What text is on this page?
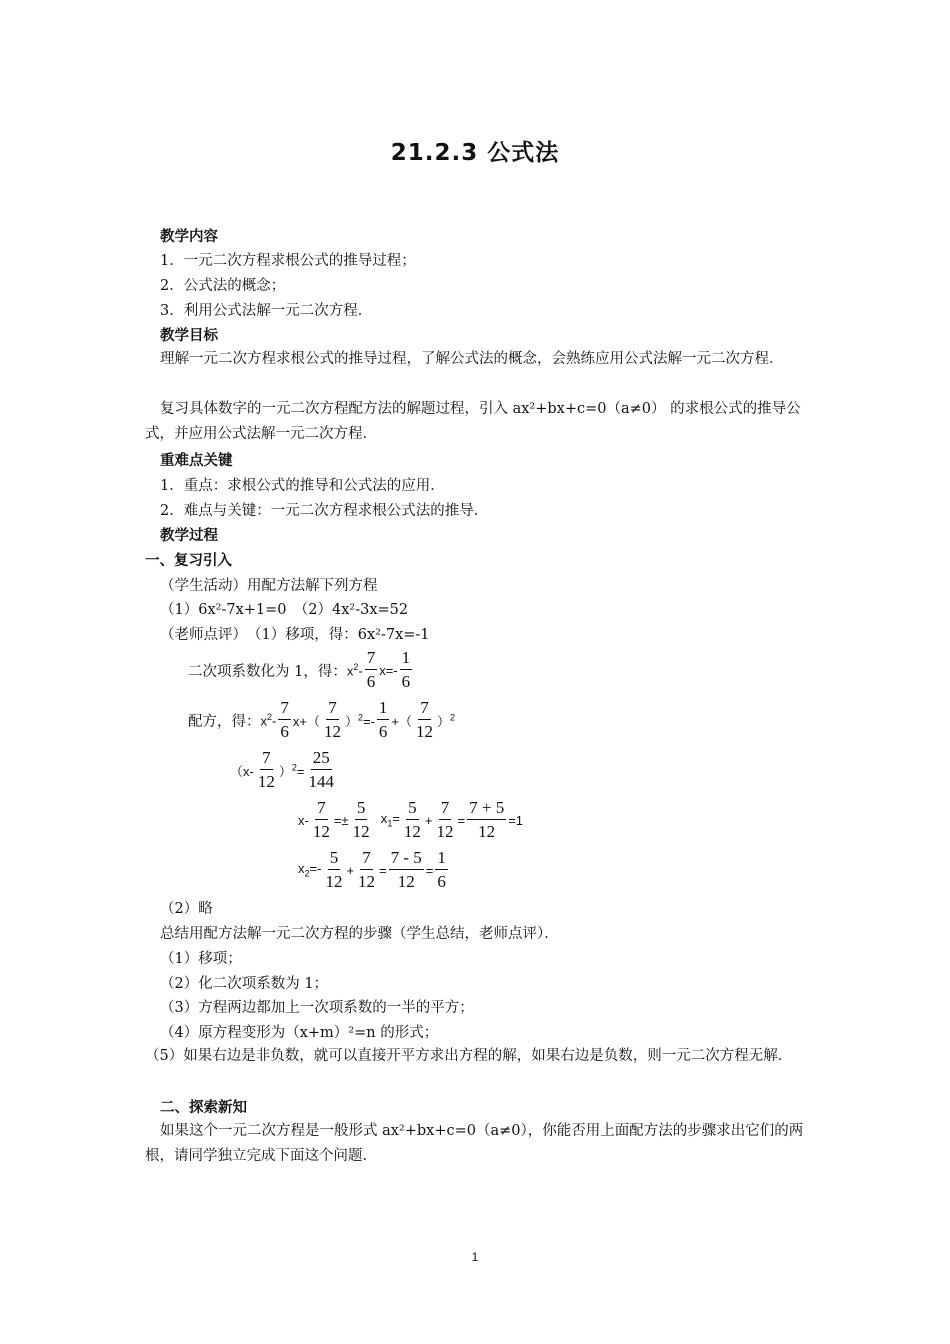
21.2.3 公式法
教学内容
1．一元二次方程求根公式的推导过程；
2．公式法的概念；
3．利用公式法解一元二次方程．
教学目标
理解一元二次方程求根公式的推导过程，了解公式法的概念，会熟练应用公式法解一元二次方程．
复习具体数字的一元二次方程配方法的解题过程，引入 ax²+bx+c=0（a≠0） 的求根公式的推导公式，并应用公式法解一元二次方程．
重难点关键
1．重点：求根公式的推导和公式法的应用．
2．难点与关键：一元二次方程求根公式法的推导．
教学过程
一、复习引入
（学生活动）用配方法解下列方程
（1）6x²-7x+1=0　 （2）4x²-3x=52
（老师点评）　（1）移项，得：6x²-7x=-1
二次项系数化为 1，得： $x^2- \frac{7}{6} x=- \frac{1}{6}$
配方，得： $x^2- \frac{7}{6} x+( \frac{7}{12} )^2=- \frac{1}{6}$ +（ $\frac{7}{12} )^2$
$(x- \frac{7}{12} )^2= \frac{25}{144}$
$x- \frac{7}{12} =\pm \frac{5}{12} x_1= \frac{5}{12} + \frac{7}{12} = \frac{7 + 5}{12} =1$
$x_2=- \frac{5}{12} + \frac{7}{12} = \frac{7 - 5}{12} = \frac{1}{6}$
（2）略
总结用配方法解一元二次方程的步骤（学生总结，老师点评）．
（1）移项；
（2）化二次项系数为 1；
（3）方程两边都加上一次项系数的一半的平方；
（4）原方程变形为（x+m）²=n 的形式；
（5）如果右边是非负数，就可以直接开平方求出方程的解，如果右边是负数，则一元二次方程无解．
二、探索新知
如果这个一元二次方程是一般形式 ax²+bx+c=0（a≠0），你能否用上面配方法的步骤求出它们的两根，请同学独立完成下面这个问题．
1
